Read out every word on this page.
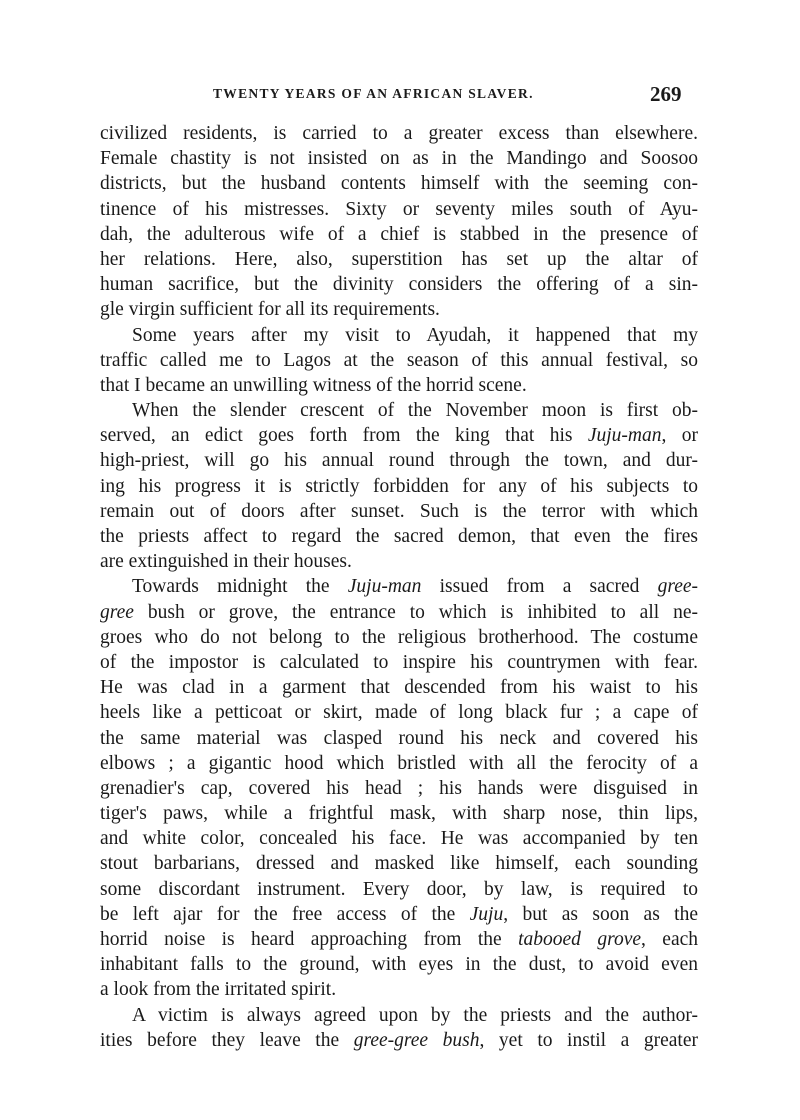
TWENTY YEARS OF AN AFRICAN SLAVER.	269
civilized residents, is carried to a greater excess than elsewhere.
Female chastity is not insisted on as in the Mandingo and Soosoo
districts, but the husband contents himself with the seeming con-
tinence of his mistresses. Sixty or seventy miles south of Ayu-
dah, the adulterous wife of a chief is stabbed in the presence of
her relations. Here, also, superstition has set up the altar of
human sacrifice, but the divinity considers the offering of a sin-
gle virgin sufficient for all its requirements.
Some years after my visit to Ayudah, it happened that my
traffic called me to Lagos at the season of this annual festival, so
that I became an unwilling witness of the horrid scene.
When the slender crescent of the November moon is first ob-
served, an edict goes forth from the king that his Juju-man, or
high-priest, will go his annual round through the town, and dur-
ing his progress it is strictly forbidden for any of his subjects to
remain out of doors after sunset. Such is the terror with which
the priests affect to regard the sacred demon, that even the fires
are extinguished in their houses.
Towards midnight the Juju-man issued from a sacred gree-
gree bush or grove, the entrance to which is inhibited to all ne-
groes who do not belong to the religious brotherhood. The costume
of the impostor is calculated to inspire his countrymen with fear.
He was clad in a garment that descended from his waist to his
heels like a petticoat or skirt, made of long black fur ; a cape of
the same material was clasped round his neck and covered his
elbows ; a gigantic hood which bristled with all the ferocity of a
grenadier's cap, covered his head ; his hands were disguised in
tiger's paws, while a frightful mask, with sharp nose, thin lips,
and white color, concealed his face. He was accompanied by ten
stout barbarians, dressed and masked like himself, each sounding
some discordant instrument. Every door, by law, is required to
be left ajar for the free access of the Juju, but as soon as the
horrid noise is heard approaching from the tabooed grove, each
inhabitant falls to the ground, with eyes in the dust, to avoid even
a look from the irritated spirit.
A victim is always agreed upon by the priests and the author-
ities before they leave the gree-gree bush, yet to instil a greater
